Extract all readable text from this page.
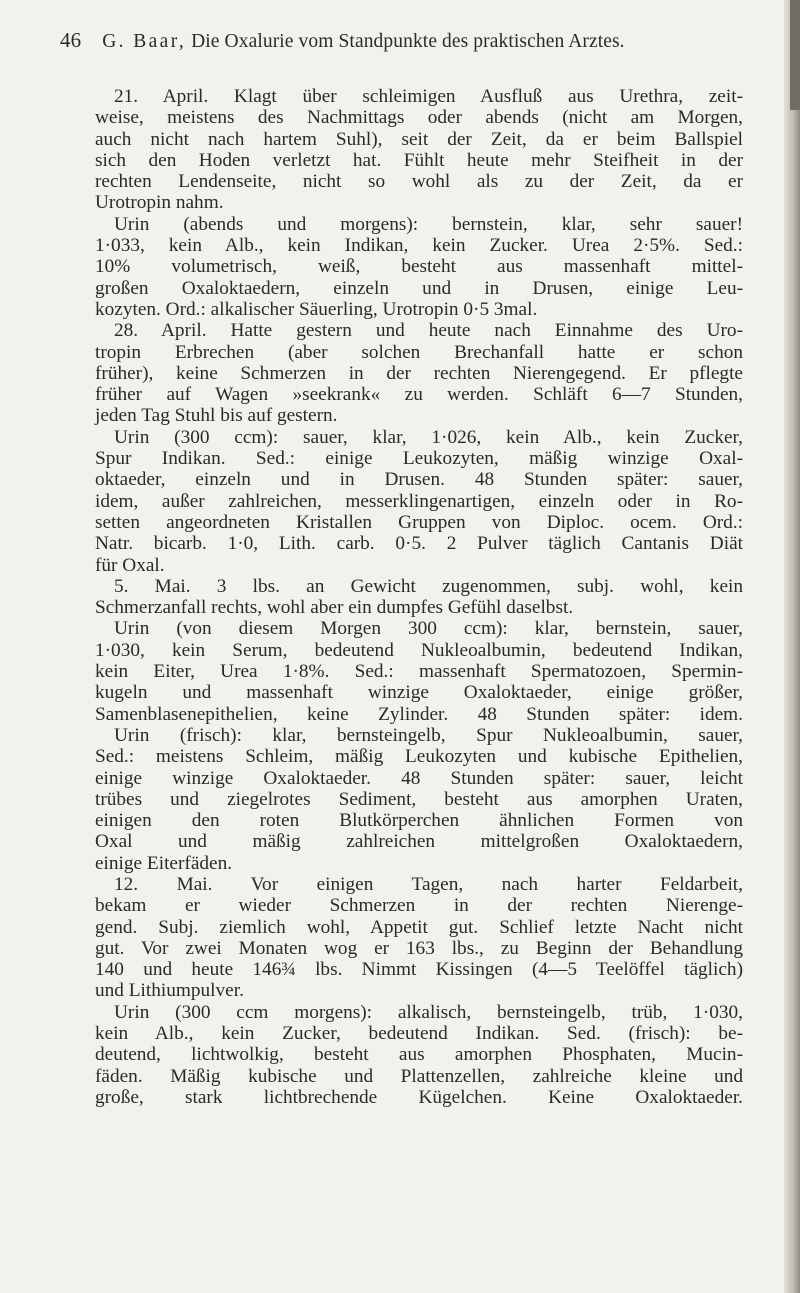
46 G. Baar, Die Oxalurie vom Standpunkte des praktischen Arztes.
21. April. Klagt über schleimigen Ausfluß aus Urethra, zeit-
weise, meistens des Nachmittags oder abends (nicht am Morgen,
auch nicht nach hartem Suhl), seit der Zeit, da er beim Ballspiel
sich den Hoden verletzt hat. Fühlt heute mehr Steifheit in der
rechten Lendenseite, nicht so wohl als zu der Zeit, da er
Urotropin nahm.
Urin (abends und morgens): bernstein, klar, sehr sauer!
1·033, kein Alb., kein Indikan, kein Zucker. Urea 2·5%. Sed.:
10% volumetrisch, weiß, besteht aus massenhaft mittel-
großen Oxaloktaedern, einzeln und in Drusen, einige Leu-
kozyten. Ord.: alkalischer Säuerling, Urotropin 0·5 3mal.
28. April. Hatte gestern und heute nach Einnahme des Uro-
tropin Erbrechen (aber solchen Brechanfall hatte er schon
früher), keine Schmerzen in der rechten Nierengegend. Er pflegte
früher auf Wagen »seekrank« zu werden. Schläft 6—7 Stunden,
jeden Tag Stuhl bis auf gestern.
Urin (300 ccm): sauer, klar, 1·026, kein Alb., kein Zucker,
Spur Indikan. Sed.: einige Leukozyten, mäßig winzige Oxal-
oktaeder, einzeln und in Drusen. 48 Stunden später: sauer,
idem, außer zahlreichen, messerklingenartigen, einzeln oder in Ro-
setten angeordneten Kristallen Gruppen von Diploc. ocem. Ord.:
Natr. bicarb. 1·0, Lith. carb. 0·5. 2 Pulver täglich Cantanis Diät
für Oxal.
5. Mai. 3 lbs. an Gewicht zugenommen, subj. wohl, kein
Schmerzanfall rechts, wohl aber ein dumpfes Gefühl daselbst.
Urin (von diesem Morgen 300 ccm): klar, bernstein, sauer,
1·030, kein Serum, bedeutend Nukleoalbumin, bedeutend Indikan,
kein Eiter, Urea 1·8%. Sed.: massenhaft Spermatozoen, Spermin-
kugeln und massenhaft winzige Oxaloktaeder, einige größer,
Samenblasenepithelien, keine Zylinder. 48 Stunden später: idem.
Urin (frisch): klar, bernsteingelb, Spur Nukleoalbumin, sauer,
Sed.: meistens Schleim, mäßig Leukozyten und kubische Epithelien,
einige winzige Oxaloktaeder. 48 Stunden später: sauer, leicht
trübes und ziegelrotes Sediment, besteht aus amorphen Uraten,
einigen den roten Blutkörperchen ähnlichen Formen von
Oxal und mäßig zahlreichen mittelgroßen Oxaloktaedern,
einige Eiterfäden.
12. Mai. Vor einigen Tagen, nach harter Feldarbeit,
bekam er wieder Schmerzen in der rechten Nierenge-
gend. Subj. ziemlich wohl, Appetit gut. Schlief letzte Nacht nicht
gut. Vor zwei Monaten wog er 163 lbs., zu Beginn der Behandlung
140 und heute 146¾ lbs. Nimmt Kissingen (4—5 Teelöffel täglich)
und Lithiumpulver.
Urin (300 ccm morgens): alkalisch, bernsteingelb, trüb, 1·030,
kein Alb., kein Zucker, bedeutend Indikan. Sed. (frisch): be-
deutend, lichtwolkig, besteht aus amorphen Phosphaten, Mucin-
fäden. Mäßig kubische und Plattenzellen, zahlreiche kleine und
große, stark lichtbrechende Kügelchen. Keine Oxaloktaeder.
